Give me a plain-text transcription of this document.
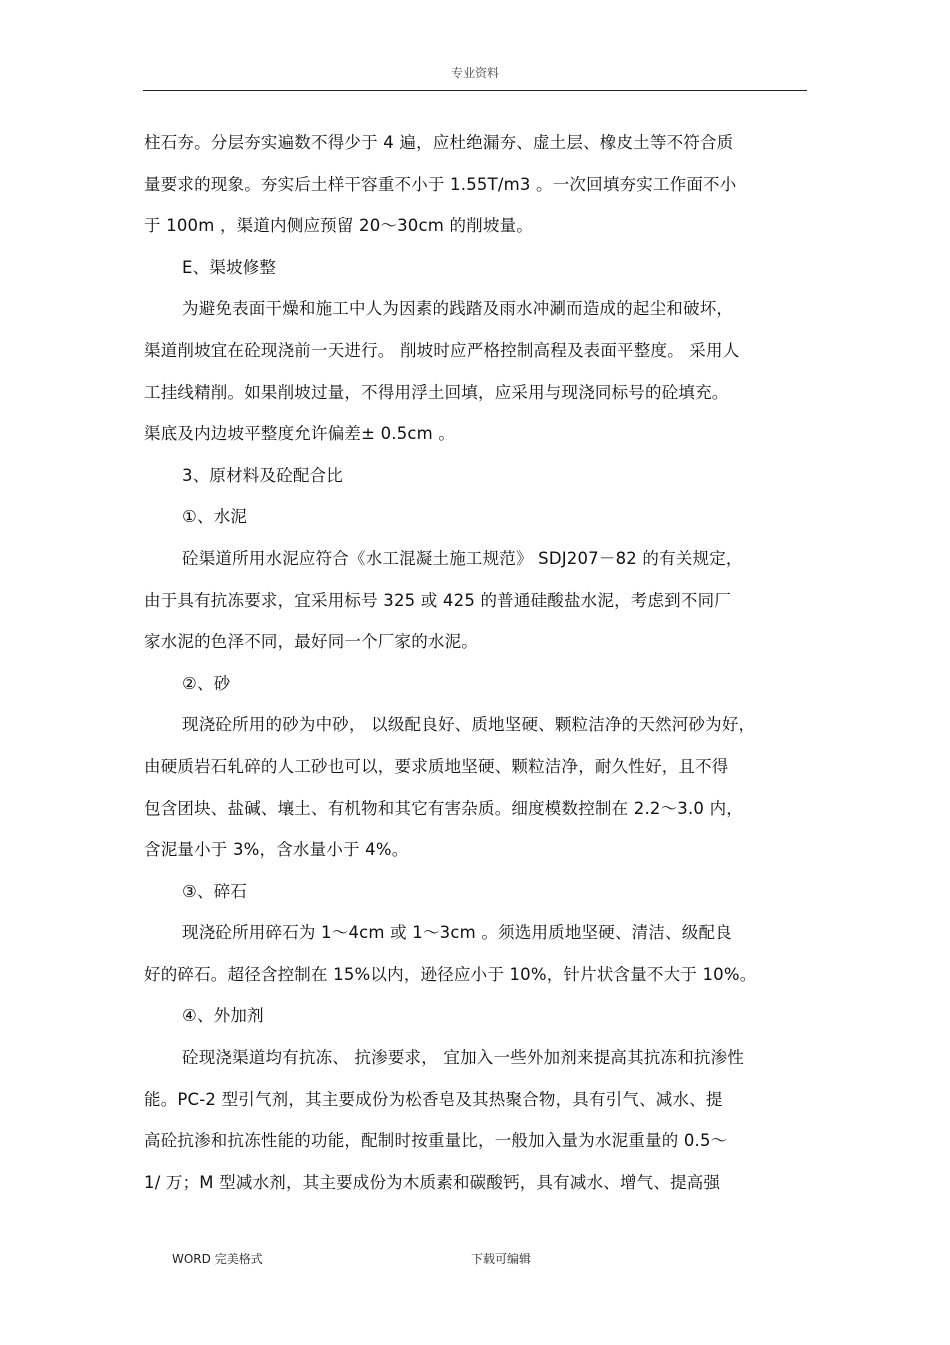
专业资料
柱石夯。分层夯实遍数不得少于 4 遍，应杜绝漏夯、虚土层、橡皮土等不符合质
量要求的现象。夯实后土样干容重不小于 1.55T/m3 。一次回填夯实工作面不小
于 100m ，渠道内侧应预留 20～30cm 的削坡量。
E、渠坡修整
为避免表面干燥和施工中人为因素的践踏及雨水冲涮而造成的起尘和破坏，
渠道削坡宜在砼现浇前一天进行。 削坡时应严格控制高程及表面平整度。 采用人
工挂线精削。如果削坡过量，不得用浮土回填，应采用与现浇同标号的砼填充。
渠底及内边坡平整度允许偏差± 0.5cm 。
3、原材料及砼配合比
①、水泥
砼渠道所用水泥应符合《水工混凝土施工规范》 SDJ207－82 的有关规定，
由于具有抗冻要求，宜采用标号 325 或 425 的普通硅酸盐水泥，考虑到不同厂
家水泥的色泽不同，最好同一个厂家的水泥。
②、砂
现浇砼所用的砂为中砂， 以级配良好、质地坚硬、颗粒洁净的天然河砂为好，
由硬质岩石轧碎的人工砂也可以，要求质地坚硬、颗粒洁净，耐久性好，且不得
包含团块、盐碱、壤土、有机物和其它有害杂质。细度模数控制在 2.2～3.0 内，
含泥量小于 3%，含水量小于 4%。
③、碎石
现浇砼所用碎石为 1～4cm 或 1～3cm 。须选用质地坚硬、清洁、级配良
好的碎石。超径含控制在 15%以内，逊径应小于 10%，针片状含量不大于 10%。
④、外加剂
砼现浇渠道均有抗冻、 抗渗要求， 宜加入一些外加剂来提高其抗冻和抗渗性
能。PC-2 型引气剂，其主要成份为松香皂及其热聚合物，具有引气、减水、提
高砼抗渗和抗冻性能的功能，配制时按重量比，一般加入量为水泥重量的 0.5～
1/ 万；M 型减水剂，其主要成份为木质素和碳酸钙，具有减水、增气、提高强
WORD 完美格式	下载可编辑
